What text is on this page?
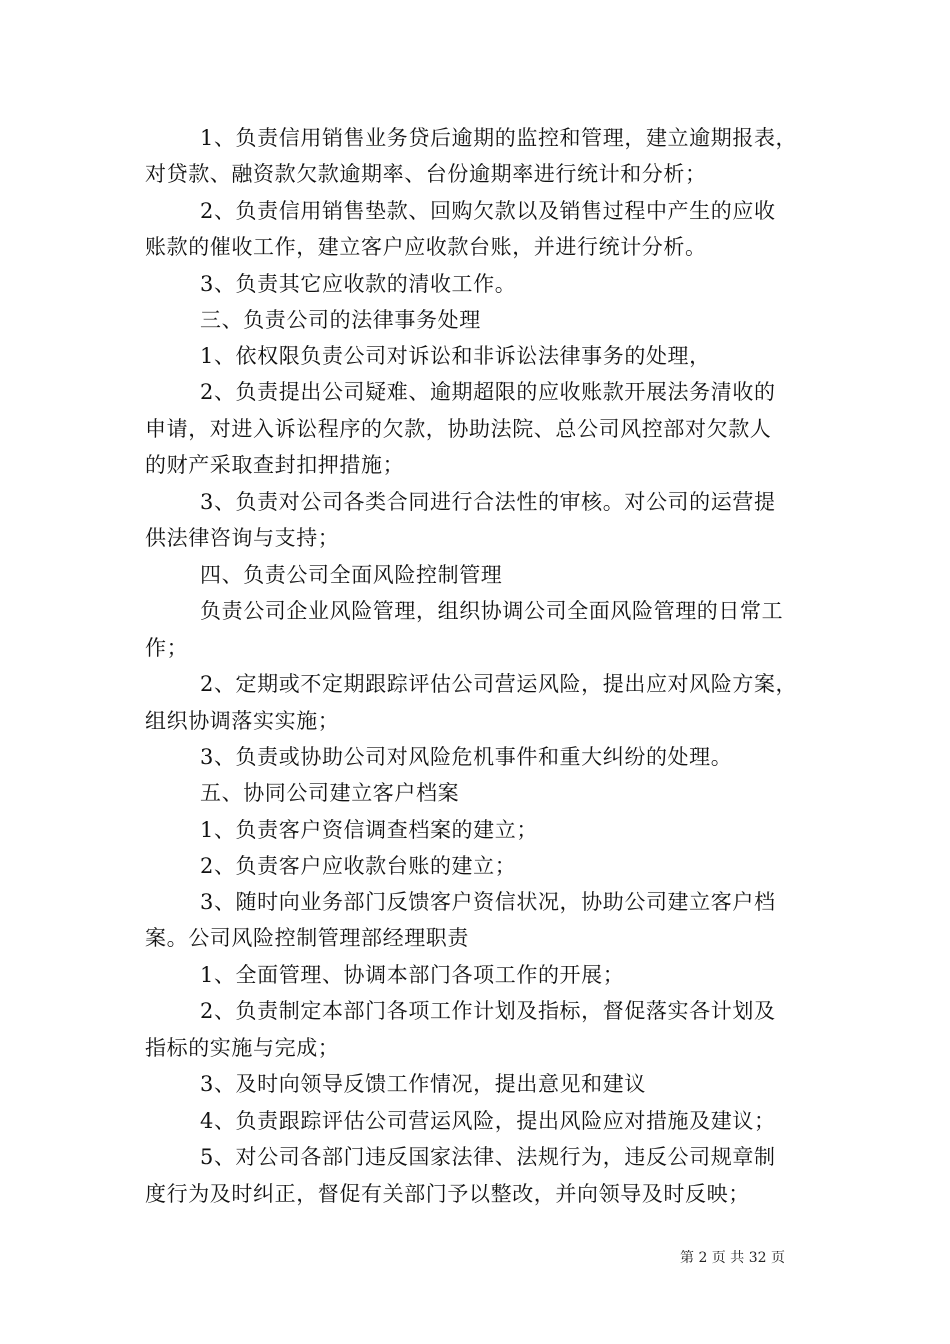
1、负责信用销售业务贷后逾期的监控和管理，建立逾期报表，
对贷款、融资款欠款逾期率、台份逾期率进行统计和分析；
2、负责信用销售垫款、回购欠款以及销售过程中产生的应收
账款的催收工作，建立客户应收款台账，并进行统计分析。
3、负责其它应收款的清收工作。
三、负责公司的法律事务处理
1、依权限负责公司对诉讼和非诉讼法律事务的处理，
2、负责提出公司疑难、逾期超限的应收账款开展法务清收的
申请，对进入诉讼程序的欠款，协助法院、总公司风控部对欠款人
的财产采取查封扣押措施；
3、负责对公司各类合同进行合法性的审核。对公司的运营提
供法律咨询与支持；
四、负责公司全面风险控制管理
负责公司企业风险管理，组织协调公司全面风险管理的日常工
作；
2、定期或不定期跟踪评估公司营运风险，提出应对风险方案，
组织协调落实实施；
3、负责或协助公司对风险危机事件和重大纠纷的处理。
五、协同公司建立客户档案
1、负责客户资信调查档案的建立；
2、负责客户应收款台账的建立；
3、随时向业务部门反馈客户资信状况，协助公司建立客户档
案。公司风险控制管理部经理职责
1、全面管理、协调本部门各项工作的开展；
2、负责制定本部门各项工作计划及指标，督促落实各计划及
指标的实施与完成；
3、及时向领导反馈工作情况，提出意见和建议
4、负责跟踪评估公司营运风险，提出风险应对措施及建议；
5、对公司各部门违反国家法律、法规行为，违反公司规章制
度行为及时纠正，督促有关部门予以整改，并向领导及时反映；
第 2 页 共 32 页
